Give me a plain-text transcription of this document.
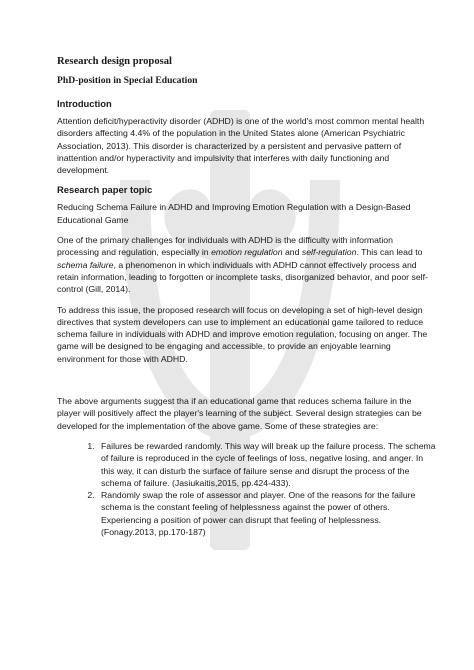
Research design proposal
PhD-position in Special Education
Introduction

Attention deficit/hyperactivity disorder (ADHD) is one of the world's most common mental health disorders affecting 4.4% of the population in the United States alone (American Psychiatric Association, 2013). This disorder is characterized by a persistent and pervasive pattern of inattention and/or hyperactivity and impulsivity that interferes with daily functioning and development.

Research paper topic

Reducing Schema Failure in ADHD and Improving Emotion Regulation with a Design-Based Educational Game

One of the primary challenges for individuals with ADHD is the difficulty with information processing and regulation, especially in emotion regulation and self-regulation. This can lead to schema failure, a phenomenon in which individuals with ADHD cannot effectively process and retain information, leading to forgotten or incomplete tasks, disorganized behavior, and poor self-control (Gill, 2014).

To address this issue, the proposed research will focus on developing a set of high-level design directives that system developers can use to implement an educational game tailored to reduce schema failure in individuals with ADHD and improve emotion regulation, focusing on anger. The game will be designed to be engaging and accessible, to provide an enjoyable learning environment for those with ADHD.

The above arguments suggest tha if an educational game that reduces schema failure in the player will positively affect the player's learning of the subject. Several design strategies can be developed for the implementation of the above game. Some of these strategies are:

1. Failures be rewarded randomly. This way will break up the failure process. The schema of failure is reproduced in the cycle of feelings of loss, negative losing, and anger. In this way, it can disturb the surface of failure sense and disrupt the process of the schema of failure. (Jasiukaitis,2015, pp.424-433).
2. Randomly swap the role of assessor and player. One of the reasons for the failure schema is the constant feeling of helplessness against the power of others. Experiencing a position of power can disrupt that feeling of helplessness. (Fonagy.2013, pp.170-187)
